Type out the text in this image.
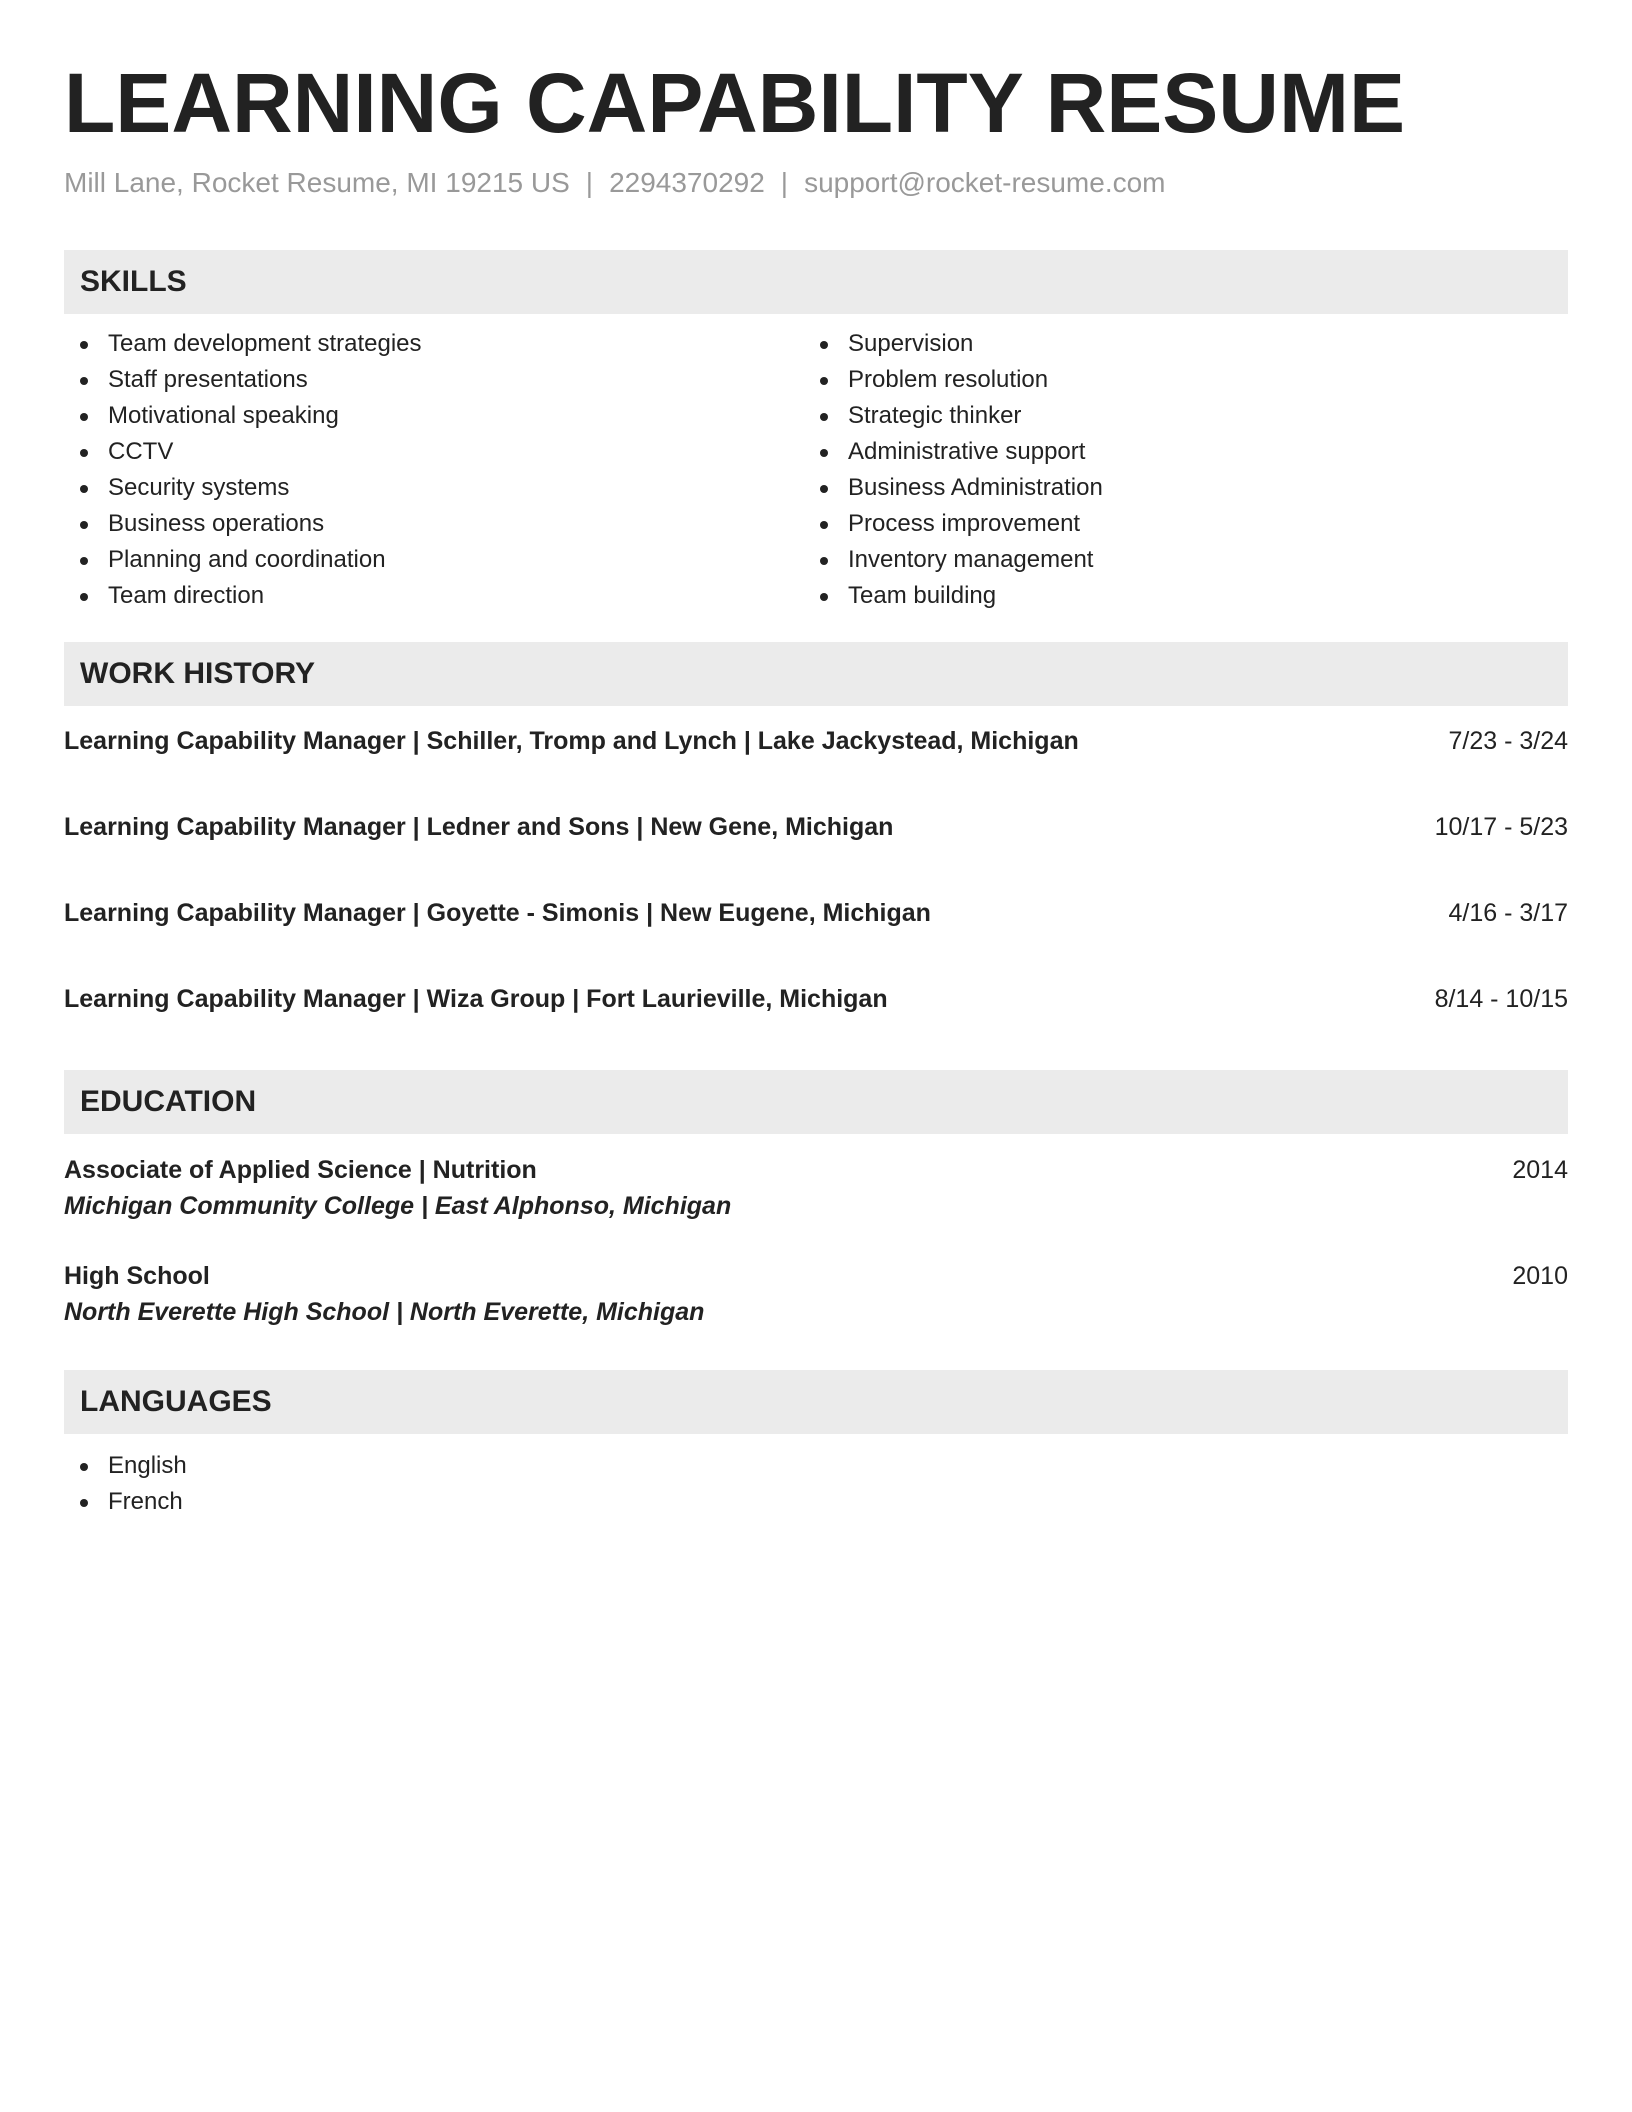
LEARNING CAPABILITY RESUME
Mill Lane, Rocket Resume, MI 19215 US | 2294370292 | support@rocket-resume.com
SKILLS
Team development strategies
Staff presentations
Motivational speaking
CCTV
Security systems
Business operations
Planning and coordination
Team direction
Supervision
Problem resolution
Strategic thinker
Administrative support
Business Administration
Process improvement
Inventory management
Team building
WORK HISTORY
Learning Capability Manager | Schiller, Tromp and Lynch | Lake Jackystead, Michigan	7/23 - 3/24
Learning Capability Manager | Ledner and Sons | New Gene, Michigan	10/17 - 5/23
Learning Capability Manager | Goyette - Simonis | New Eugene, Michigan	4/16 - 3/17
Learning Capability Manager | Wiza Group | Fort Laurieville, Michigan	8/14 - 10/15
EDUCATION
Associate of Applied Science | Nutrition	2014
Michigan Community College | East Alphonso, Michigan
High School	2010
North Everette High School | North Everette, Michigan
LANGUAGES
English
French
